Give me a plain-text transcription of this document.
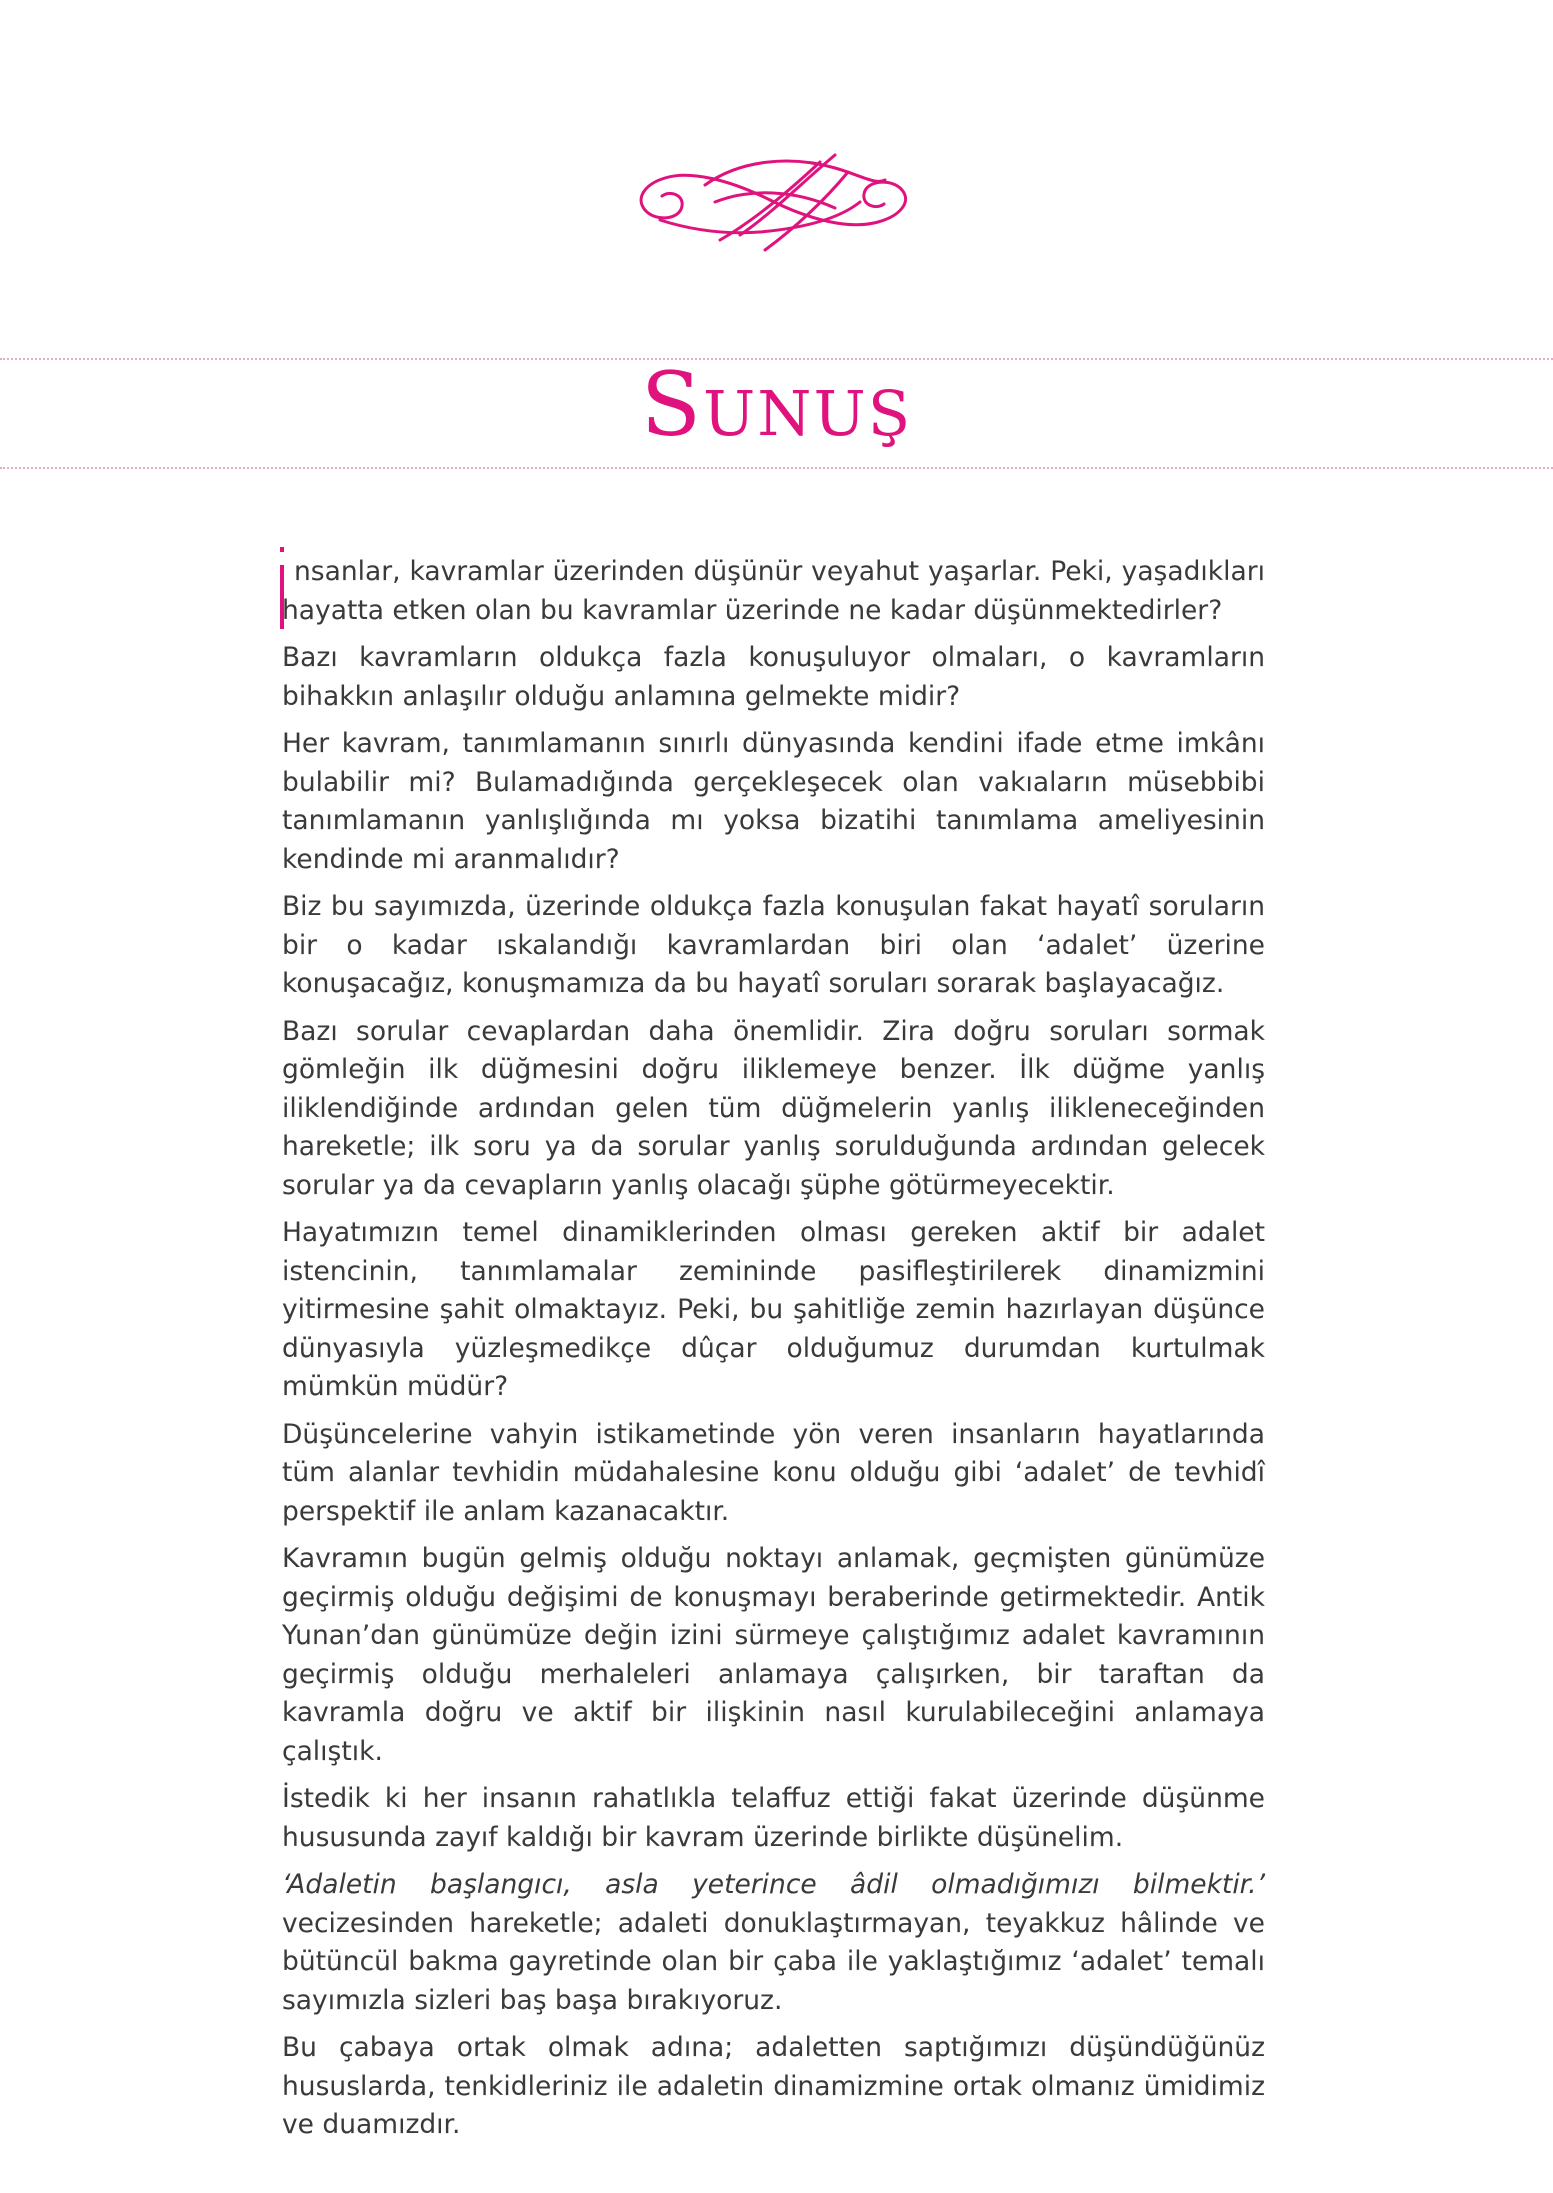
Sunuş

nsanlar, kavramlar üzerinden düşünür veyahut yaşarlar. Peki, yaşadıkları hayatta etken olan bu kavramlar üzerinde ne kadar düşünmektedirler?

Bazı kavramların oldukça fazla konuşuluyor olmaları, o kavramların bihakkın anlaşılır olduğu anlamına gelmekte midir?

Her kavram, tanımlamanın sınırlı dünyasında kendini ifade etme imkânı bulabilir mi? Bulamadığında gerçekleşecek olan vakıaların müsebbibi tanımlamanın yanlışlığında mı yoksa bizatihi tanımlama ameliyesinin kendinde mi aranmalıdır?

Biz bu sayımızda, üzerinde oldukça fazla konuşulan fakat hayatî soruların bir o kadar ıskalandığı kavramlardan biri olan ‘adalet’ üzerine konuşacağız, konuşmamıza da bu hayatî soruları sorarak başlayacağız.

Bazı sorular cevaplardan daha önemlidir. Zira doğru soruları sormak gömleğin ilk düğmesini doğru iliklemeye benzer. İlk düğme yanlış iliklendiğinde ardından gelen tüm düğmelerin yanlış ilikleneceğinden hareketle; ilk soru ya da sorular yanlış sorulduğunda ardından gelecek sorular ya da cevapların yanlış olacağı şüphe götürmeyecektir.

Hayatımızın temel dinamiklerinden olması gereken aktif bir adalet istencinin, tanımlamalar zemininde pasifleştirilerek dinamizmini yitirmesine şahit olmaktayız. Peki, bu şahitliğe zemin hazırlayan düşünce dünyasıyla yüzleşmedikçe dûçar olduğumuz durumdan kurtulmak mümkün müdür?

Düşüncelerine vahyin istikametinde yön veren insanların hayatlarında tüm alanlar tevhidin müdahalesine konu olduğu gibi ‘adalet’ de tevhidî perspektif ile anlam kazanacaktır.

Kavramın bugün gelmiş olduğu noktayı anlamak, geçmişten günümüze geçirmiş olduğu değişimi de konuşmayı beraberinde getirmektedir. Antik Yunan’dan günümüze değin izini sürmeye çalıştığımız adalet kavramının geçirmiş olduğu merhaleleri anlamaya çalışırken, bir taraftan da kavramla doğru ve aktif bir ilişkinin nasıl kurulabileceğini anlamaya çalıştık.

İstedik ki her insanın rahatlıkla telaffuz ettiği fakat üzerinde düşünme hususunda zayıf kaldığı bir kavram üzerinde birlikte düşünelim.

‘Adaletin başlangıcı, asla yeterince âdil olmadığımızı bilmektir.’ vecizesinden hareketle; adaleti donuklaştırmayan, teyakkuz hâlinde ve bütüncül bakma gayretinde olan bir çaba ile yaklaştığımız ‘adalet’ temalı sayımızla sizleri baş başa bırakıyoruz.

Bu çabaya ortak olmak adına; adaletten saptığımızı düşündüğünüz hususlarda, tenkidleriniz ile adaletin dinamizmine ortak olmanız ümidimiz ve duamızdır.
